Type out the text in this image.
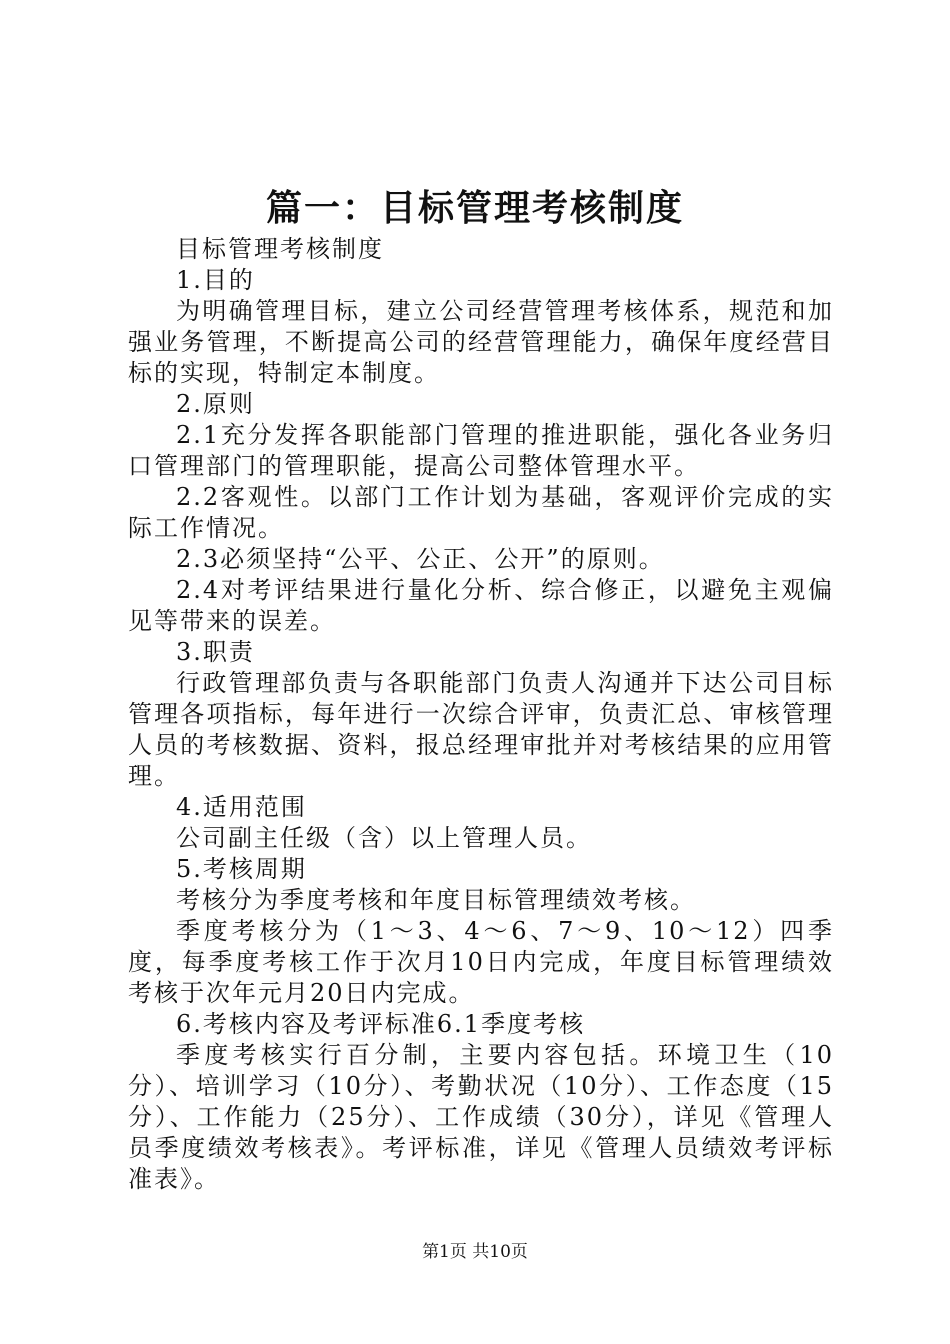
篇一：目标管理考核制度

目标管理考核制度

1.目的

为明确管理目标，建立公司经营管理考核体系，规范和加强业务管理，不断提高公司的经营管理能力，确保年度经营目标的实现，特制定本制度。

2.原则

2.1充分发挥各职能部门管理的推进职能，强化各业务归口管理部门的管理职能，提高公司整体管理水平。

2.2客观性。以部门工作计划为基础，客观评价完成的实际工作情况。

2.3必须坚持“公平、公正、公开”的原则。

2.4对考评结果进行量化分析、综合修正，以避免主观偏见等带来的误差。

3.职责

行政管理部负责与各职能部门负责人沟通并下达公司目标管理各项指标，每年进行一次综合评审，负责汇总、审核管理人员的考核数据、资料，报总经理审批并对考核结果的应用管理。

4.适用范围

公司副主任级（含）以上管理人员。

5.考核周期

考核分为季度考核和年度目标管理绩效考核。

季度考核分为（1～3、4～6、7～9、10～12）四季度，每季度考核工作于次月10日内完成，年度目标管理绩效考核于次年元月20日内完成。

6.考核内容及考评标准6.1季度考核

季度考核实行百分制，主要内容包括。环境卫生（10分）、培训学习（10分）、考勤状况（10分）、工作态度（15分）、工作能力（25分）、工作成绩（30分），详见《管理人员季度绩效考核表》。考评标准，详见《管理人员绩效考评标准表》。

第1页 共10页
